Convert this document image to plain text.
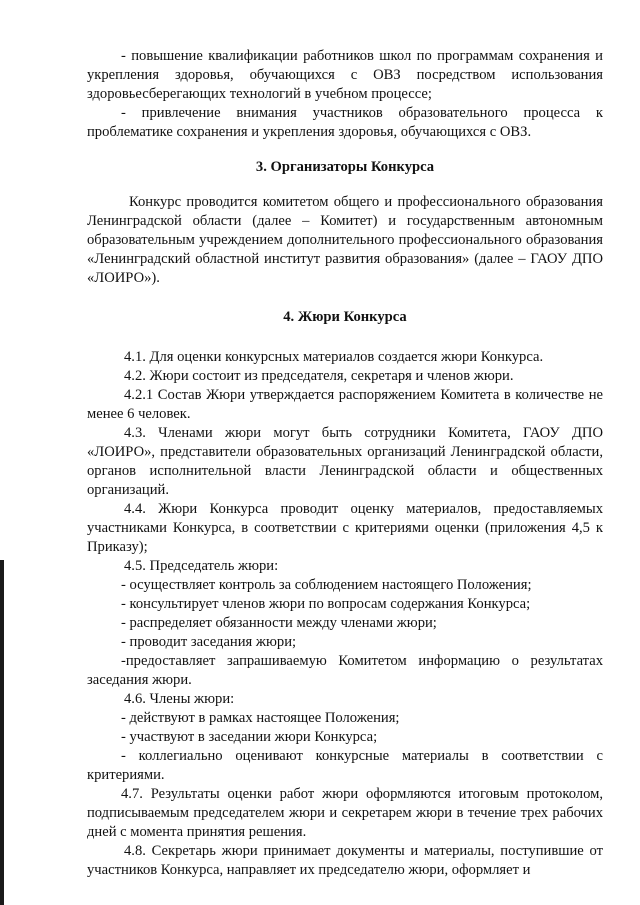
- повышение квалификации работников школ по программам сохранения и укрепления здоровья, обучающихся с ОВЗ посредством использования здоровьесберегающих технологий в учебном процессе;

- привлечение внимания участников образовательного процесса к проблематике сохранения и укрепления здоровья, обучающихся с ОВЗ.

3. Организаторы Конкурса

Конкурс проводится комитетом общего и профессионального образования Ленинградской области (далее – Комитет) и государственным автономным образовательным учреждением дополнительного профессионального образования «Ленинградский областной институт развития образования» (далее – ГАОУ ДПО «ЛОИРО»).

4. Жюри Конкурса

4.1. Для оценки конкурсных материалов создается жюри Конкурса.

4.2. Жюри состоит из председателя, секретаря и членов жюри.

4.2.1 Состав Жюри утверждается распоряжением Комитета в количестве не менее 6 человек.

4.3. Членами жюри могут быть сотрудники Комитета, ГАОУ ДПО «ЛОИРО», представители образовательных организаций Ленинградской области, органов исполнительной власти Ленинградской области и общественных организаций.

4.4. Жюри Конкурса проводит оценку материалов, предоставляемых участниками Конкурса, в соответствии с критериями оценки (приложения 4,5 к Приказу);

4.5. Председатель жюри:

- осуществляет контроль за соблюдением настоящего Положения;

- консультирует членов жюри по вопросам содержания Конкурса;

- распределяет обязанности между членами жюри;

- проводит заседания жюри;

-предоставляет запрашиваемую Комитетом информацию о результатах заседания жюри.

4.6. Члены жюри:

- действуют в рамках настоящее Положения;

- участвуют в заседании жюри Конкурса;

- коллегиально оценивают конкурсные материалы в соответствии с критериями.

4.7. Результаты оценки работ жюри оформляются итоговым протоколом, подписываемым председателем жюри и секретарем жюри в течение трех рабочих дней с момента принятия решения.

4.8. Секретарь жюри принимает документы и материалы, поступившие от участников Конкурса, направляет их председателю жюри, оформляет и
